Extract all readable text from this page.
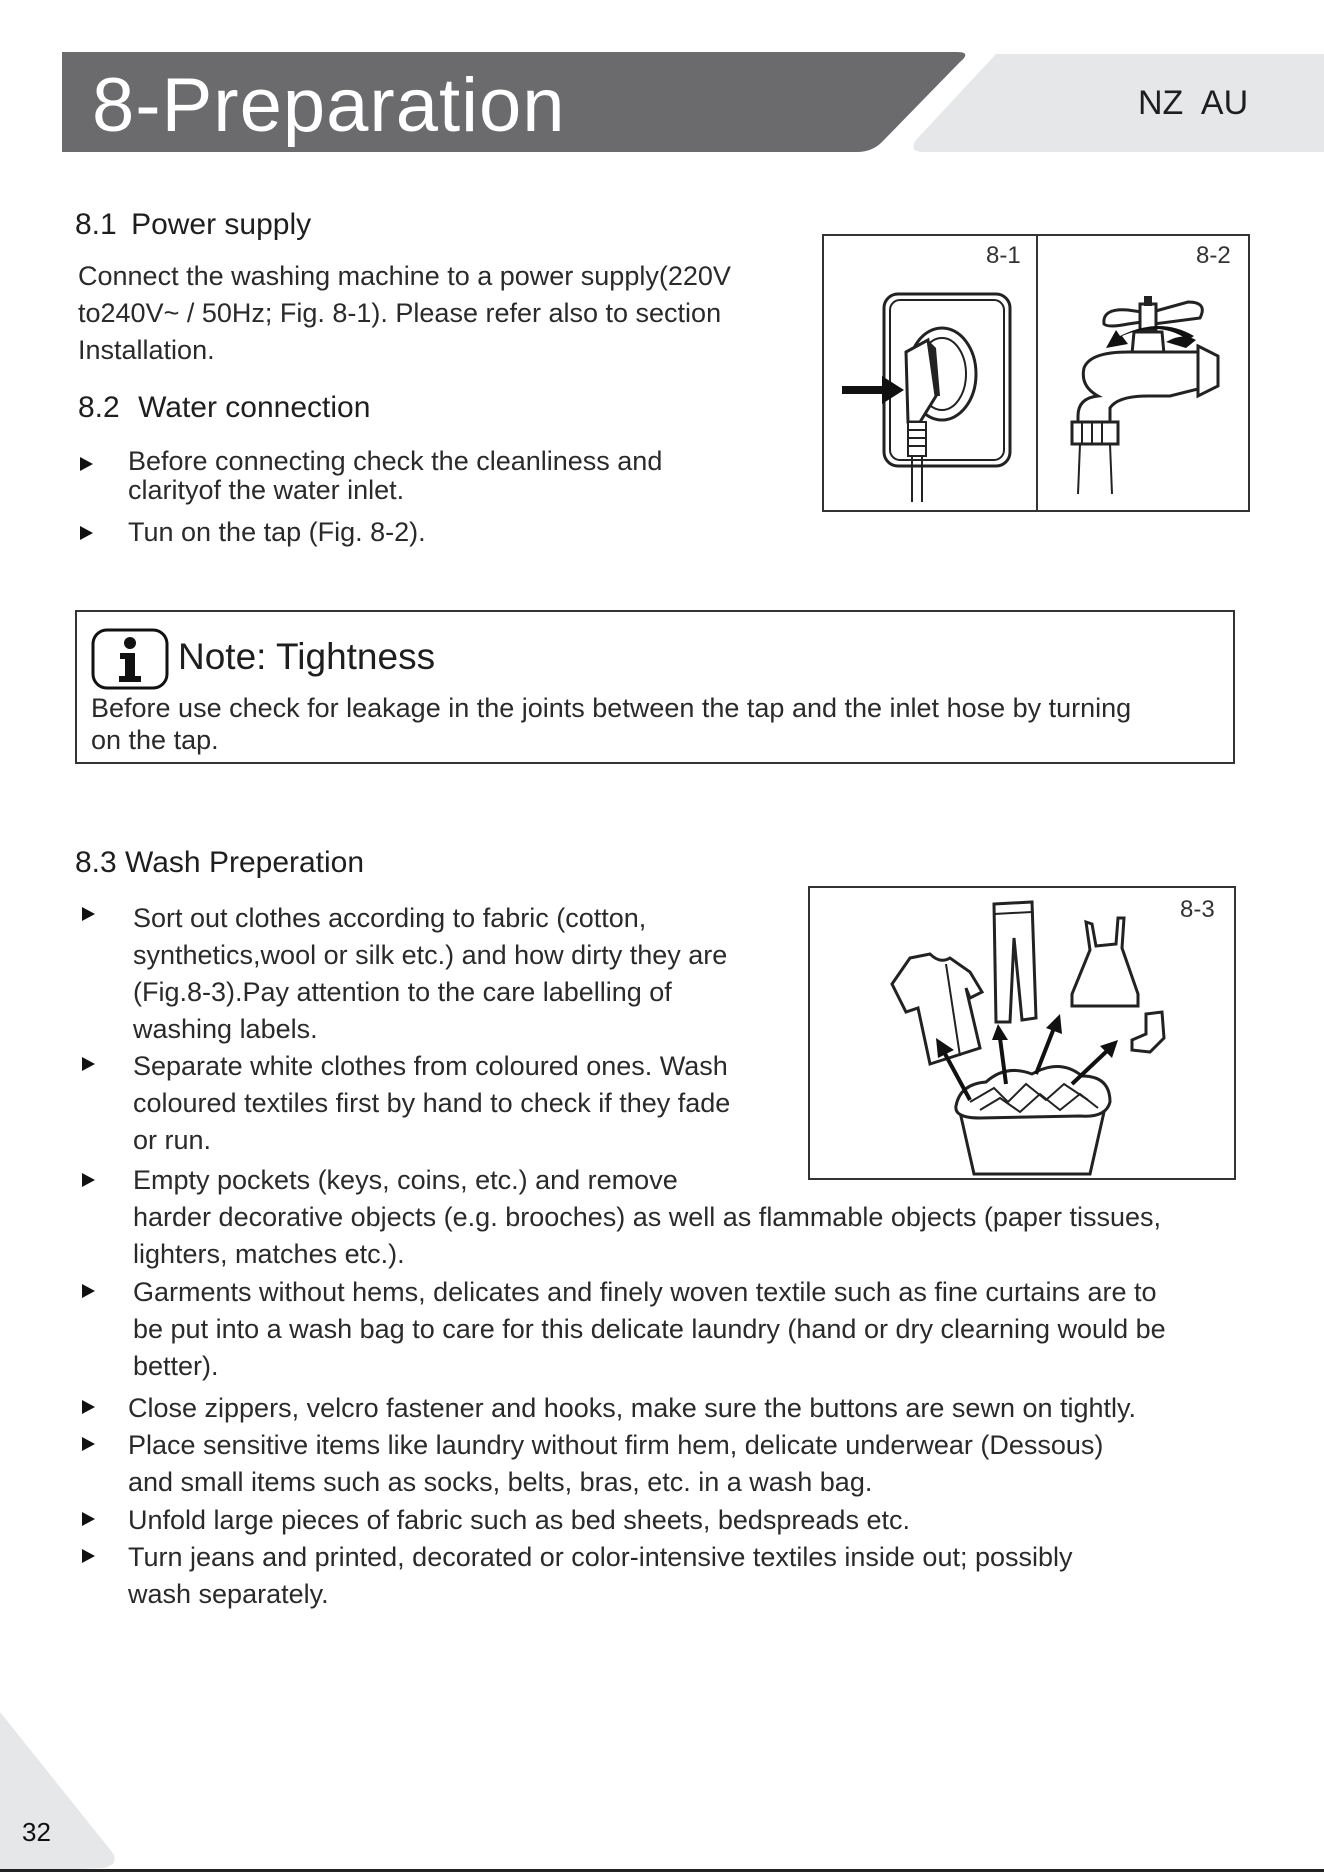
8-Preparation	NZ AU
8.1 Power supply
Connect the washing machine to a power supply(220V
to240V~ / 50Hz; Fig. 8-1). Please refer also to section
Installation.
8.2 Water connection
Before connecting check the cleanliness and
clarityof the water inlet.
Tun on the tap (Fig. 8-2).
8-1	8-2
Note: Tightness
Before use check for leakage in the joints between the tap and the inlet hose by turning
on the tap.
8.3 Wash Preperation
8-3
Sort out clothes according to fabric (cotton,
synthetics,wool or silk etc.) and how dirty they are
(Fig.8-3).Pay attention to the care labelling of
washing labels.
Separate white clothes from coloured ones. Wash
coloured textiles first by hand to check if they fade
or run.
Empty pockets (keys, coins, etc.) and remove
harder decorative objects (e.g. brooches) as well as flammable objects (paper tissues,
lighters, matches etc.).
Garments without hems, delicates and finely woven textile such as fine curtains are to
be put into a wash bag to care for this delicate laundry (hand or dry clearning would be
better).
Close zippers, velcro fastener and hooks, make sure the buttons are sewn on tightly.
Place sensitive items like laundry without firm hem, delicate underwear (Dessous)
and small items such as socks, belts, bras, etc. in a wash bag.
Unfold large pieces of fabric such as bed sheets, bedspreads etc.
Turn jeans and printed, decorated or color-intensive textiles inside out; possibly
wash separately.
32
